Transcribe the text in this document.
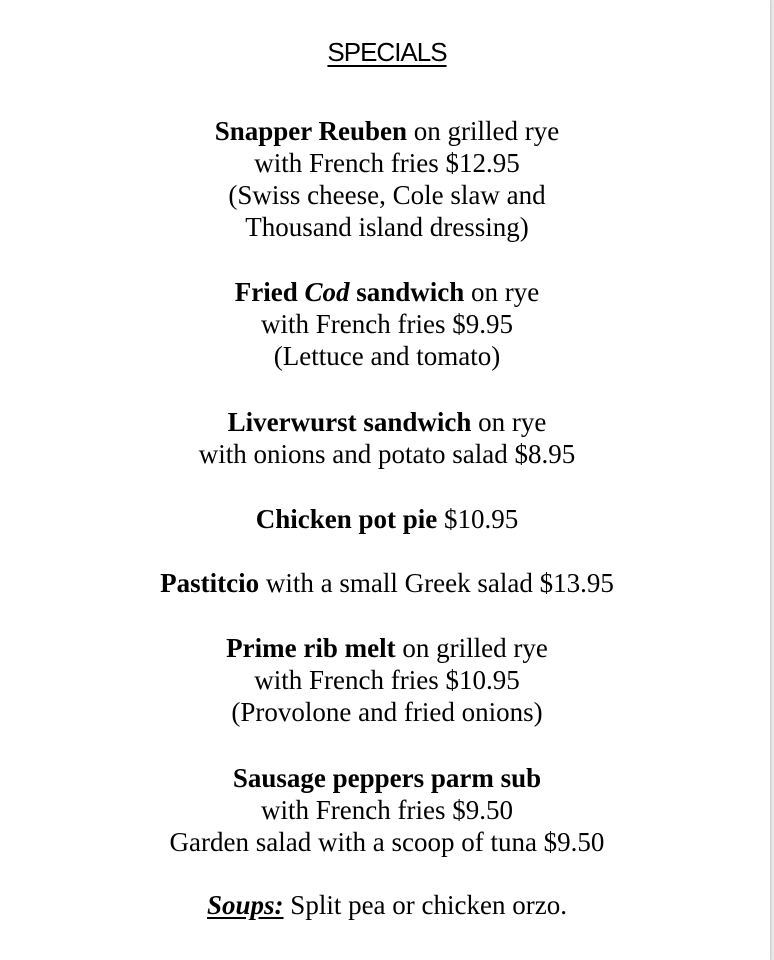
SPECIALS
Snapper Reuben on grilled rye
with French fries $12.95
(Swiss cheese, Cole slaw and
Thousand island dressing)
Fried Cod sandwich on rye
with French fries $9.95
(Lettuce and tomato)
Liverwurst sandwich on rye
with onions and potato salad $8.95
Chicken pot pie $10.95
Pastitcio with a small Greek salad $13.95
Prime rib melt on grilled rye
with French fries $10.95
(Provolone and fried onions)
Sausage peppers parm sub
with French fries $9.50
Garden salad with a scoop of tuna $9.50
Soups: Split pea or chicken orzo.
